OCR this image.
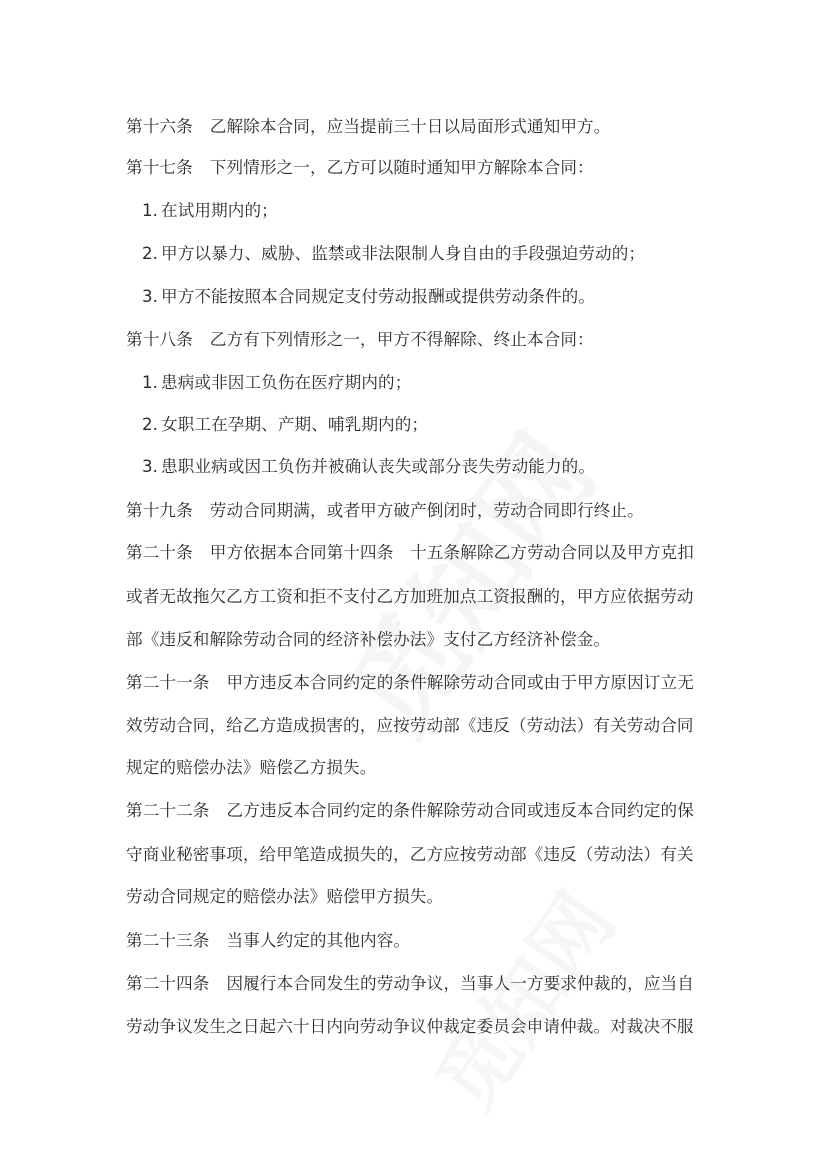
第十六条 乙解除本合同，应当提前三十日以局面形式通知甲方。
第十七条 下列情形之一，乙方可以随时通知甲方解除本合同：
1. 在试用期内的；
2. 甲方以暴力、威胁、监禁或非法限制人身自由的手段强迫劳动的；
3. 甲方不能按照本合同规定支付劳动报酬或提供劳动条件的。
第十八条 乙方有下列情形之一，甲方不得解除、终止本合同：
1. 患病或非因工负伤在医疗期内的；
2. 女职工在孕期、产期、哺乳期内的；
3. 患职业病或因工负伤并被确认丧失或部分丧失劳动能力的。
第十九条 劳动合同期满，或者甲方破产倒闭时，劳动合同即行终止。
第二十条 甲方依据本合同第十四条　十五条解除乙方劳动合同以及甲方克扣
或者无故拖欠乙方工资和拒不支付乙方加班加点工资报酬的，甲方应依据劳动
部《违反和解除劳动合同的经济补偿办法》支付乙方经济补偿金。
第二十一条 甲方违反本合同约定的条件解除劳动合同或由于甲方原因订立无
效劳动合同，给乙方造成损害的，应按劳动部《违反（劳动法）有关劳动合同
规定的赔偿办法》赔偿乙方损失。
第二十二条 乙方违反本合同约定的条件解除劳动合同或违反本合同约定的保
守商业秘密事项，给甲笔造成损失的，乙方应按劳动部《违反（劳动法）有关
劳动合同规定的赔偿办法》赔偿甲方损失。
第二十三条 当事人约定的其他内容。
第二十四条 因履行本合同发生的劳动争议，当事人一方要求仲裁的，应当自
劳动争议发生之日起六十日内向劳动争议仲裁定委员会申请仲裁。对裁决不服
